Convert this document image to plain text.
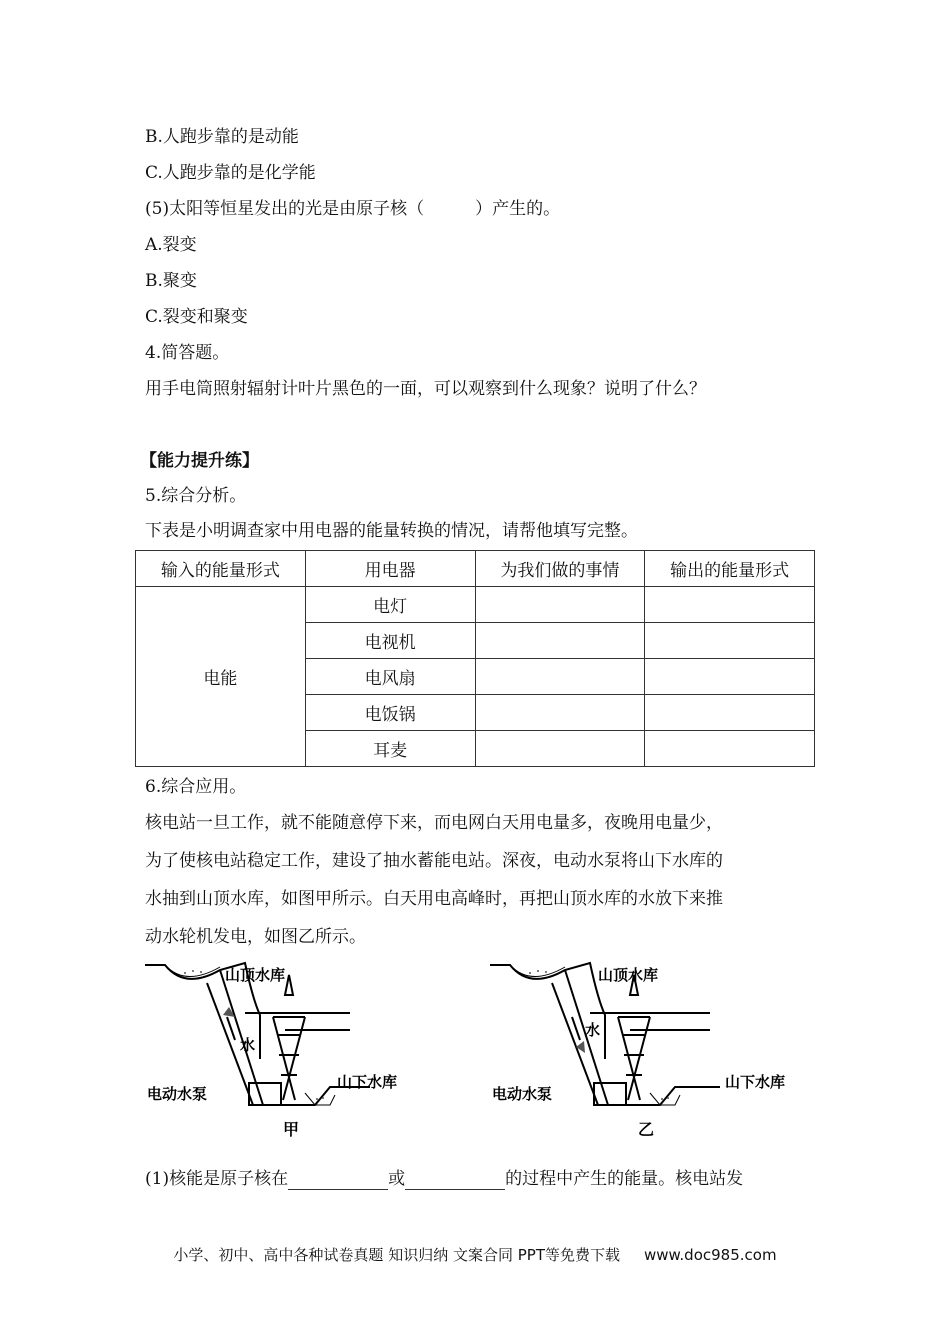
B.人跑步靠的是动能
C.人跑步靠的是化学能
(5)太阳等恒星发出的光是由原子核（　　　）产生的。
A.裂变
B.聚变
C.裂变和聚变
4.简答题。
用手电筒照射辐射计叶片黑色的一面，可以观察到什么现象？说明了什么？
【能力提升练】
5.综合分析。
下表是小明调查家中用电器的能量转换的情况，请帮他填写完整。
输入的能量形式	用电器	为我们做的事情	输出的能量形式
电能	电灯		
	电视机		
	电风扇		
	电饭锅		
	耳麦		
6.综合应用。
核电站一旦工作，就不能随意停下来，而电网白天用电量多，夜晚用电量少，
为了使核电站稳定工作，建设了抽水蓄能电站。深夜，电动水泵将山下水库的
水抽到山顶水库，如图甲所示。白天用电高峰时，再把山顶水库的水放下来推
动水轮机发电，如图乙所示。
山顶水库
水
山下水库
电动水泵
甲
山顶水库
水
山下水库
电动水泵
乙
(1)核能是原子核在	或	的过程中产生的能量。核电站发
小学、初中、高中各种试卷真题 知识归纳 文案合同 PPT等免费下载 www.doc985.com
